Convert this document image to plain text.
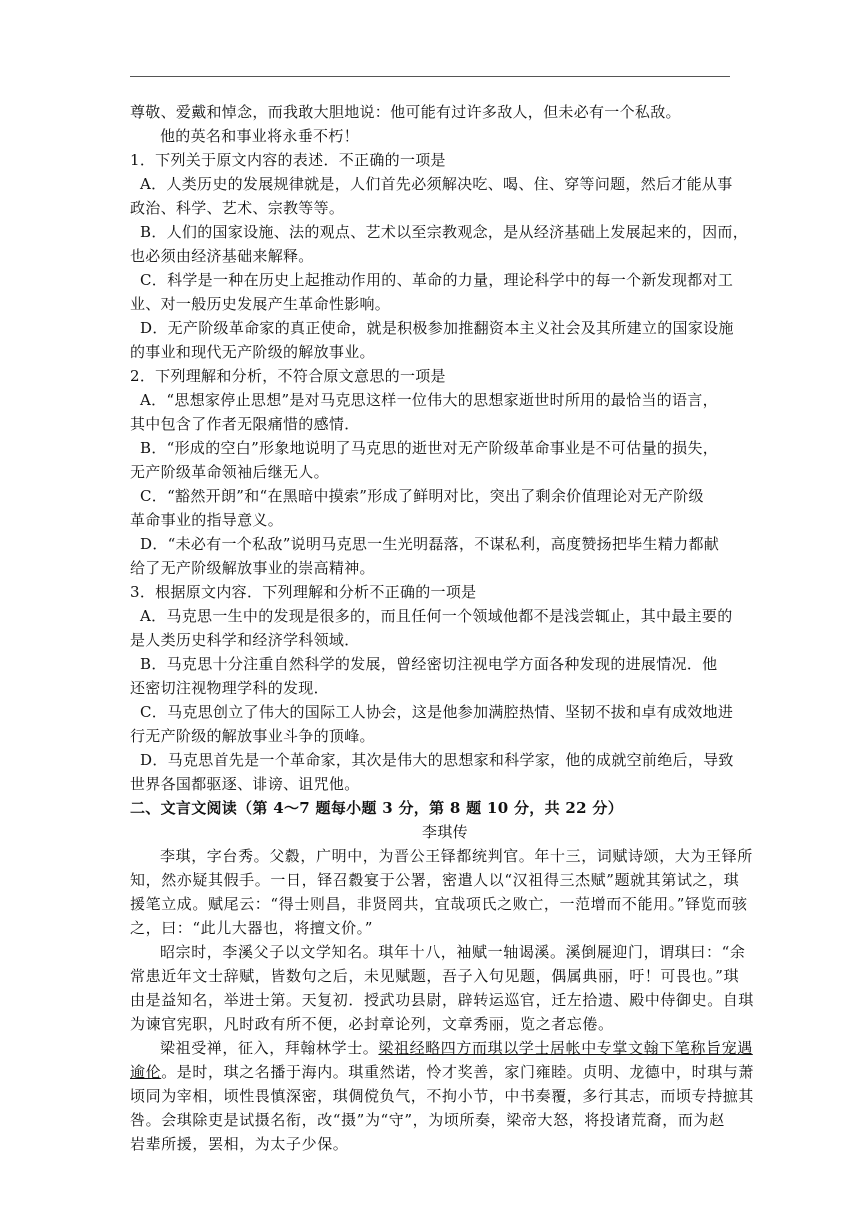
尊敬、爱戴和悼念，而我敢大胆地说：他可能有过许多敌人，但未必有一个私敌。
他的英名和事业将永垂不朽！
1．下列关于原文内容的表述．不正确的一项是
A．人类历史的发展规律就是，人们首先必须解决吃、喝、住、穿等问题，然后才能从事
政治、科学、艺术、宗教等等。
B．人们的国家设施、法的观点、艺术以至宗教观念，是从经济基础上发展起来的，因而，
也必须由经济基础来解释。
C．科学是一种在历史上起推动作用的、革命的力量，理论科学中的每一个新发现都对工
业、对一般历史发展产生革命性影响。
D．无产阶级革命家的真正使命，就是积极参加推翻资本主义社会及其所建立的国家设施
的事业和现代无产阶级的解放事业。
2．下列理解和分析，不符合原文意思的一项是
A．“思想家停止思想”是对马克思这样一位伟大的思想家逝世时所用的最恰当的语言，
其中包含了作者无限痛惜的感情．
B．“形成的空白”形象地说明了马克思的逝世对无产阶级革命事业是不可估量的损失，
无产阶级革命领袖后继无人。
C．“豁然开朗”和“在黑暗中摸索”形成了鲜明对比，突出了剩余价值理论对无产阶级
革命事业的指导意义。
D．“未必有一个私敌”说明马克思一生光明磊落，不谋私利，高度赞扬把毕生精力都献
给了无产阶级解放事业的崇高精神。
3．根据原文内容．下列理解和分析不正确的一项是
A．马克思一生中的发现是很多的，而且任何一个领域他都不是浅尝辄止，其中最主要的
是人类历史科学和经济学科领域．
B．马克思十分注重自然科学的发展，曾经密切注视电学方面各种发现的进展情况．他
还密切注视物理学科的发现．
C．马克思创立了伟大的国际工人协会，这是他参加满腔热情、坚韧不拔和卓有成效地进
行无产阶级的解放事业斗争的顶峰。
D．马克思首先是一个革命家，其次是伟大的思想家和科学家，他的成就空前绝后，导致
世界各国都驱逐、诽谤、诅咒他。
二、文言文阅读（第 4～7 题每小题 3 分，第 8 题 10 分，共 22 分）
李琪传
李琪，字台秀。父縠，广明中，为晋公王铎都统判官。年十三，词赋诗颂，大为王铎所
知，然亦疑其假手。一日，铎召縠宴于公署，密遣人以“汉祖得三杰赋”题就其第试之，琪
援笔立成。赋尾云：“得士则昌，非贤罔共，宜哉项氏之败亡，一范增而不能用。”铎览而骇
之，曰：“此儿大器也，将擅文价。”
昭宗时，李溪父子以文学知名。琪年十八，袖赋一轴谒溪。溪倒屣迎门，谓琪曰：“余
常患近年文士辞赋，皆数句之后，未见赋题，吾子入句见题，偶属典丽，吁！可畏也。”琪
由是益知名，举进士第。天复初．授武功县尉，辟转运巡官，迁左拾遗、殿中侍御史。自琪
为谏官宪职，凡时政有所不便，必封章论列，文章秀丽，览之者忘倦。
梁祖受禅，征入，拜翰林学士。梁祖经略四方而琪以学士居帐中专掌文翰下笔称旨宠遇
逾伦。是时，琪之名播于海内。琪重然诺，怜才奖善，家门雍睦。贞明、龙德中，时琪与萧
顷同为宰相，顷性畏慎深密，琪倜傥负气，不拘小节，中书奏覆，多行其志，而顷专持摭其
咎。会琪除吏是试摄名衔，改“摄”为“守”，为顷所奏，梁帝大怒，将投诸荒裔，而为赵
岩辈所援，罢相，为太子少保。
